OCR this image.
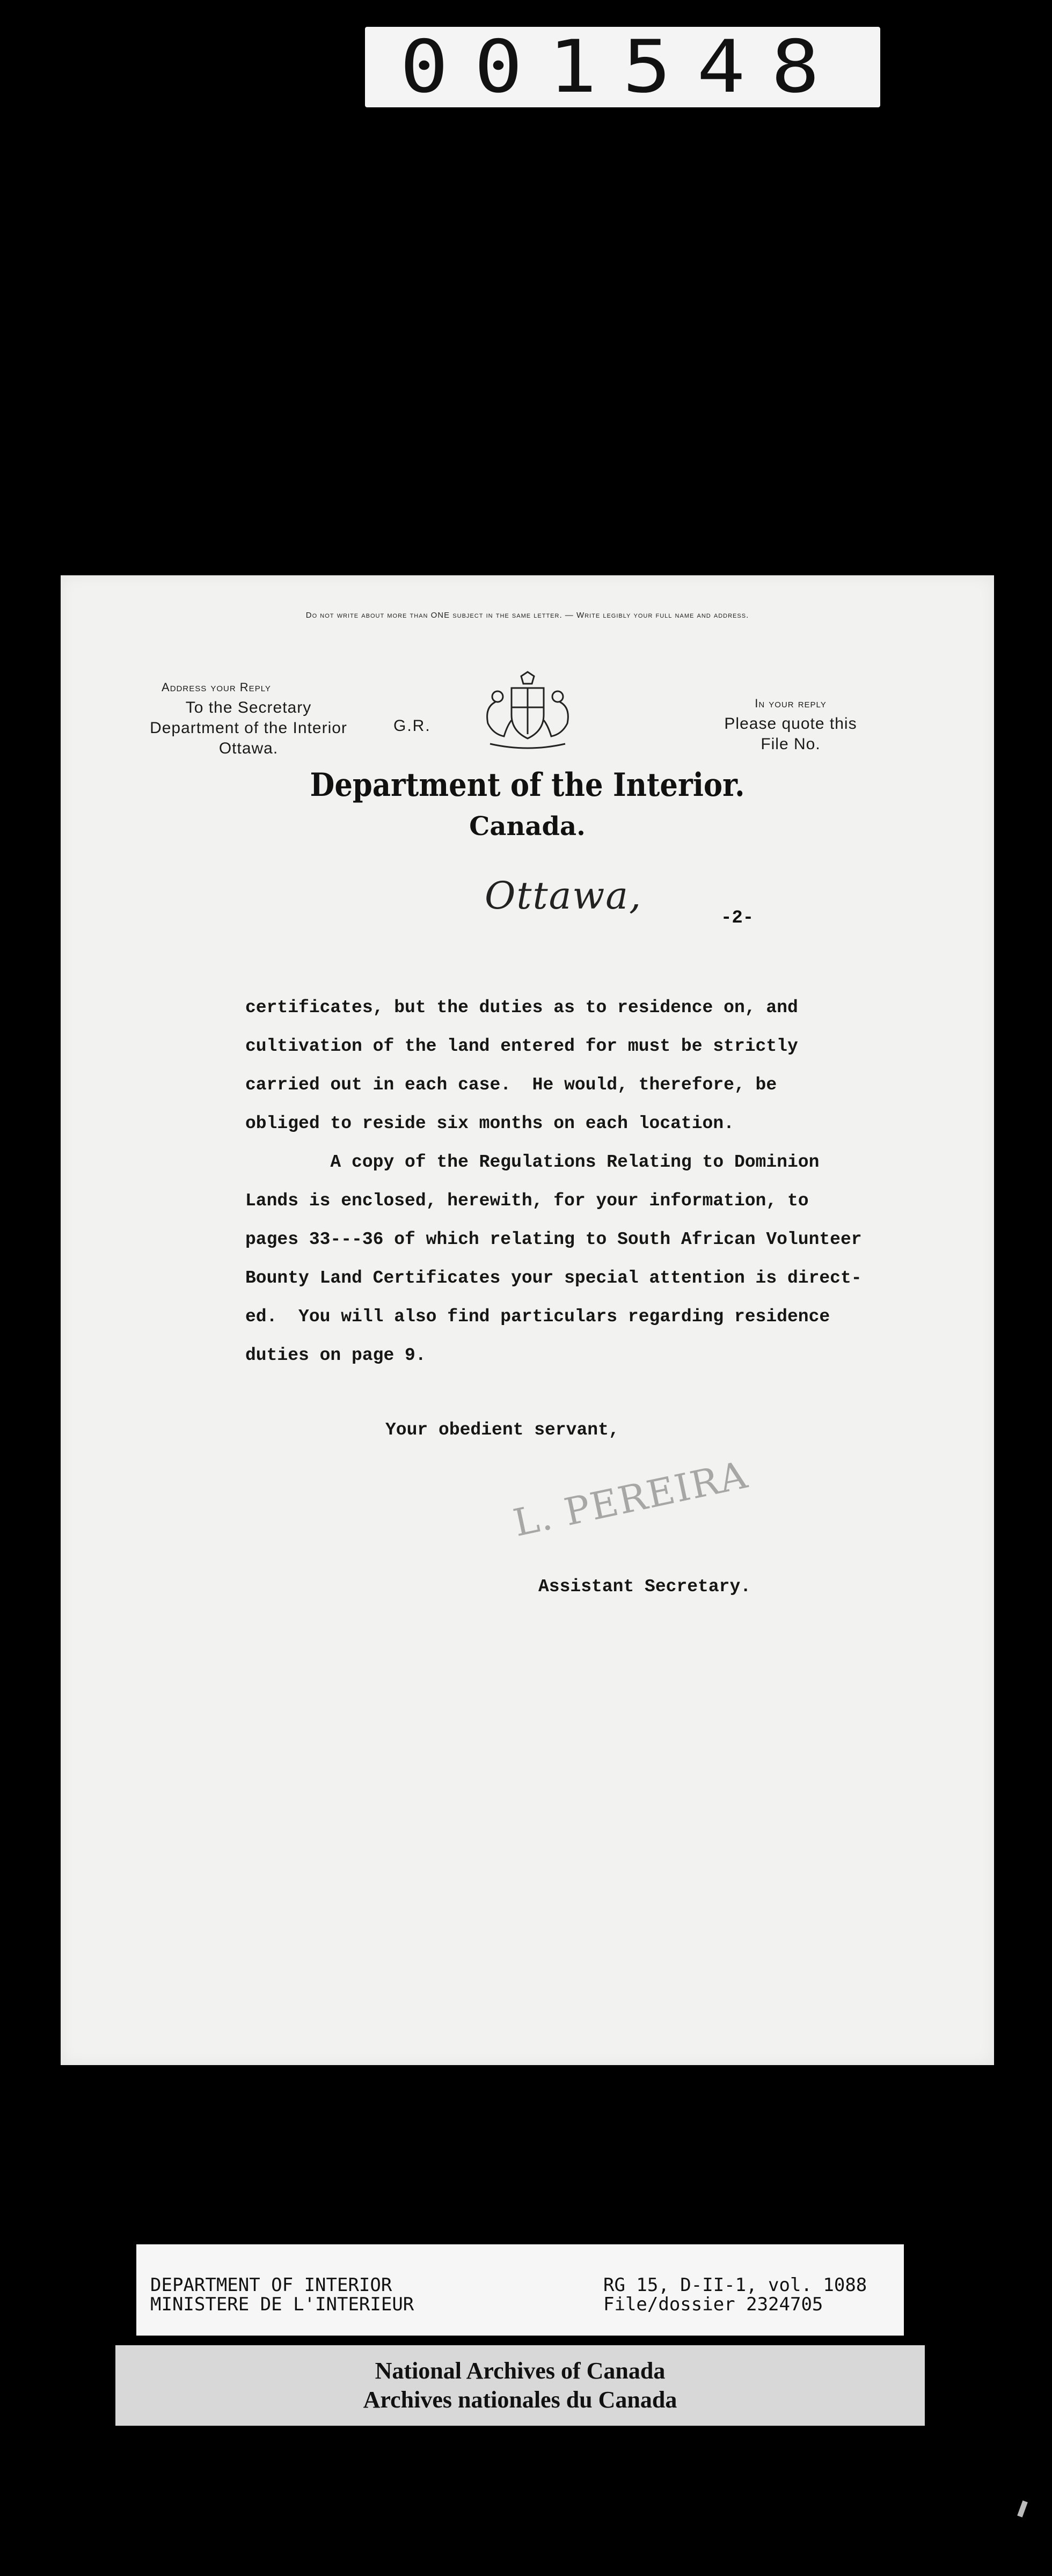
001548
Do not write about more than ONE subject in the same letter. — Write legibly your full name and address.
Address your Reply
To the Secretary
Department of the Interior
Ottawa.
G.R.
In your reply
Please quote this
File No.
Department of the Interior.
Canada.
Ottawa,
-2-

certificates, but the duties as to residence on, and

cultivation of the land entered for must be strictly

carried out in each case.  He would, therefore, be

obliged to reside six months on each location.

A copy of the Regulations Relating to Dominion

Lands is enclosed, herewith, for your information, to

pages 33---36 of which relating to South African Volunteer

Bounty Land Certificates your special attention is direct-

ed.  You will also find particulars regarding residence

duties on page 9.

Your obedient servant,
L. PEREIRA
Assistant Secretary.

DEPARTMENT OF INTERIOR

MINISTERE DE L'INTERIEUR

RG 15, D-II-1, vol. 1088

File/dossier 2324705

National Archives of Canada
Archives nationales du Canada
